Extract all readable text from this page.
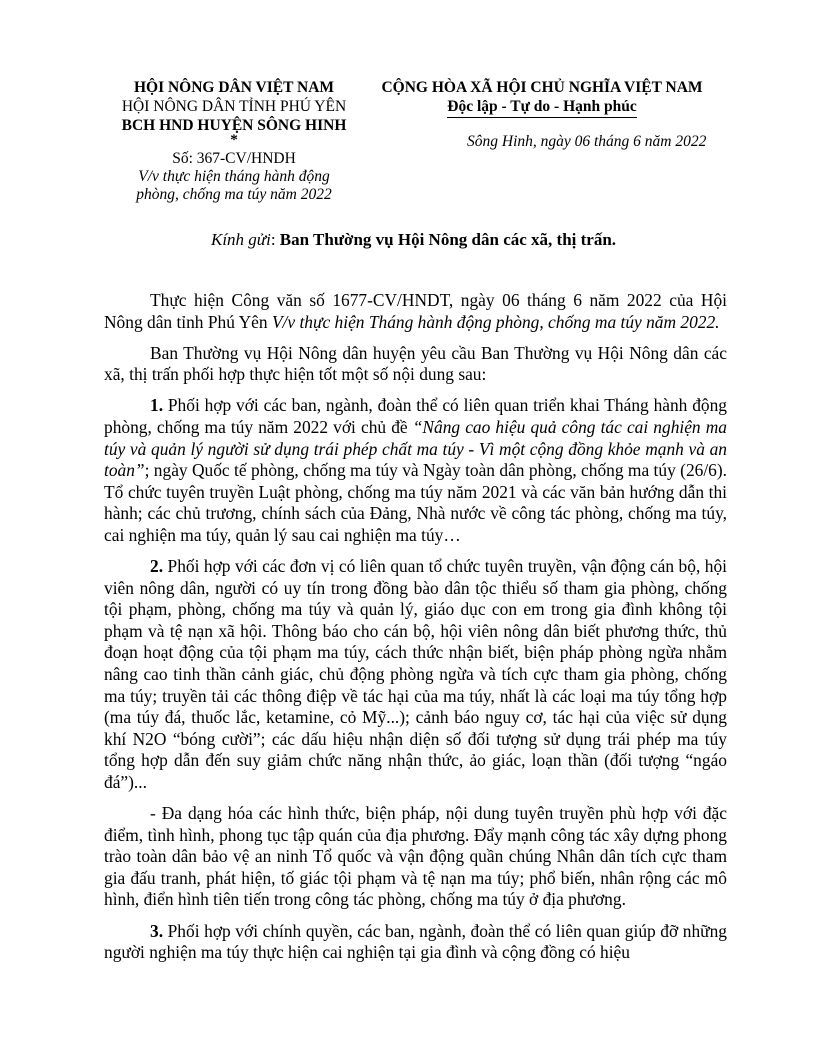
HỘI NÔNG DÂN VIỆT NAM
HỘI NÔNG DÂN TỈNH PHÚ YÊN
BCH HND HUYỆN SÔNG HINH
*
Số: 367-CV/HNDH
V/v thực hiện tháng hành động
phòng, chống ma túy năm 2022
CỘNG HÒA XÃ HỘI CHỦ NGHĨA VIỆT NAM
Độc lập - Tự do - Hạnh phúc
Sông Hinh, ngày 06 tháng 6 năm 2022
Kính gửi: Ban Thường vụ Hội Nông dân các xã, thị trấn.

Thực hiện Công văn số 1677-CV/HNDT, ngày 06 tháng 6 năm 2022 của Hội Nông dân tỉnh Phú Yên V/v thực hiện Tháng hành động phòng, chống ma túy năm 2022.

Ban Thường vụ Hội Nông dân huyện yêu cầu Ban Thường vụ Hội Nông dân các xã, thị trấn phối hợp thực hiện tốt một số nội dung sau:

1. Phối hợp với các ban, ngành, đoàn thể có liên quan triển khai Tháng hành động phòng, chống ma túy năm 2022 với chủ đề “Nâng cao hiệu quả công tác cai nghiện ma túy và quản lý người sử dụng trái phép chất ma túy - Vì một cộng đồng khỏe mạnh và an toàn”; ngày Quốc tế phòng, chống ma túy và Ngày toàn dân phòng, chống ma túy (26/6). Tổ chức tuyên truyền Luật phòng, chống ma túy năm 2021 và các văn bản hướng dẫn thi hành; các chủ trương, chính sách của Đảng, Nhà nước về công tác phòng, chống ma túy, cai nghiện ma túy, quản lý sau cai nghiện ma túy…

2. Phối hợp với các đơn vị có liên quan tổ chức tuyên truyền, vận động cán bộ, hội viên nông dân, người có uy tín trong đồng bào dân tộc thiểu số tham gia phòng, chống tội phạm, phòng, chống ma túy và quản lý, giáo dục con em trong gia đình không tội phạm và tệ nạn xã hội. Thông báo cho cán bộ, hội viên nông dân biết phương thức, thủ đoạn hoạt động của tội phạm ma túy, cách thức nhận biết, biện pháp phòng ngừa nhằm nâng cao tinh thần cảnh giác, chủ động phòng ngừa và tích cực tham gia phòng, chống ma túy; truyền tải các thông điệp về tác hại của ma túy, nhất là các loại ma túy tổng hợp (ma túy đá, thuốc lắc, ketamine, cỏ Mỹ...); cảnh báo nguy cơ, tác hại của việc sử dụng khí N2O “bóng cười”; các dấu hiệu nhận diện số đối tượng sử dụng trái phép ma túy tổng hợp dẫn đến suy giảm chức năng nhận thức, ảo giác, loạn thần (đối tượng “ngáo đá”)...

- Đa dạng hóa các hình thức, biện pháp, nội dung tuyên truyền phù hợp với đặc điểm, tình hình, phong tục tập quán của địa phương. Đẩy mạnh công tác xây dựng phong trào toàn dân bảo vệ an ninh Tổ quốc và vận động quần chúng Nhân dân tích cực tham gia đấu tranh, phát hiện, tố giác tội phạm và tệ nạn ma túy; phổ biến, nhân rộng các mô hình, điển hình tiên tiến trong công tác phòng, chống ma túy ở địa phương.

3. Phối hợp với chính quyền, các ban, ngành, đoàn thể có liên quan giúp đỡ những người nghiện ma túy thực hiện cai nghiện tại gia đình và cộng đồng có hiệu
